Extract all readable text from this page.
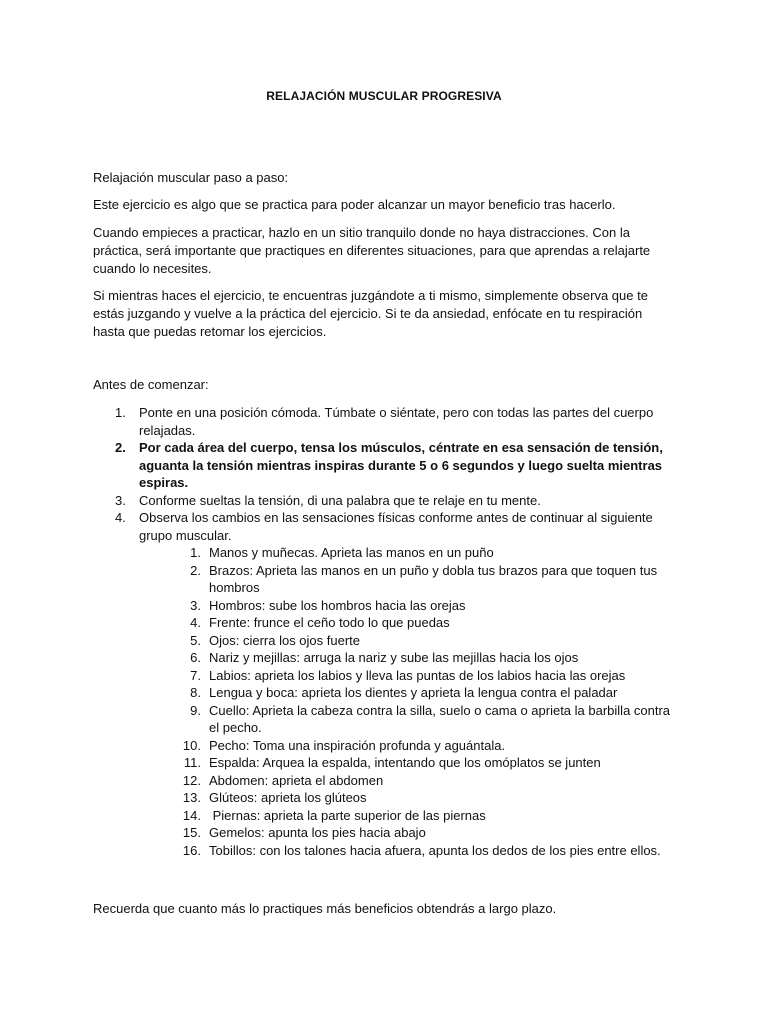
RELAJACIÓN MUSCULAR PROGRESIVA

Relajación muscular paso a paso:

Este ejercicio es algo que se practica para poder alcanzar un mayor beneficio tras hacerlo.

Cuando empieces a practicar, hazlo en un sitio tranquilo donde no haya distracciones. Con la práctica, será importante que practiques en diferentes situaciones, para que aprendas a relajarte cuando lo necesites.

Si mientras haces el ejercicio, te encuentras juzgándote a ti mismo, simplemente observa que te estás juzgando y vuelve a la práctica del ejercicio. Si te da ansiedad, enfócate en tu respiración hasta que puedas retomar los ejercicios.

Antes de comenzar:

1. Ponte en una posición cómoda. Túmbate o siéntate, pero con todas las partes del cuerpo relajadas.
2. Por cada área del cuerpo, tensa los músculos, céntrate en esa sensación de tensión, aguanta la tensión mientras inspiras durante 5 o 6 segundos y luego suelta mientras espiras.
3. Conforme sueltas la tensión, di una palabra que te relaje en tu mente.
4. Observa los cambios en las sensaciones físicas conforme antes de continuar al siguiente grupo muscular.
1. Manos y muñecas. Aprieta las manos en un puño
2. Brazos: Aprieta las manos en un puño y dobla tus brazos para que toquen tus hombros
3. Hombros: sube los hombros hacia las orejas
4. Frente: frunce el ceño todo lo que puedas
5. Ojos: cierra los ojos fuerte
6. Nariz y mejillas: arruga la nariz y sube las mejillas hacia los ojos
7. Labios: aprieta los labios y lleva las puntas de los labios hacia las orejas
8. Lengua y boca: aprieta los dientes y aprieta la lengua contra el paladar
9. Cuello: Aprieta la cabeza contra la silla, suelo o cama o aprieta la barbilla contra el pecho.
10. Pecho: Toma una inspiración profunda y aguántala.
11. Espalda: Arquea la espalda, intentando que los omóplatos se junten
12. Abdomen: aprieta el abdomen
13. Glúteos: aprieta los glúteos
14. Piernas: aprieta la parte superior de las piernas
15. Gemelos: apunta los pies hacia abajo
16. Tobillos: con los talones hacia afuera, apunta los dedos de los pies entre ellos.

Recuerda que cuanto más lo practiques más beneficios obtendrás a largo plazo.
